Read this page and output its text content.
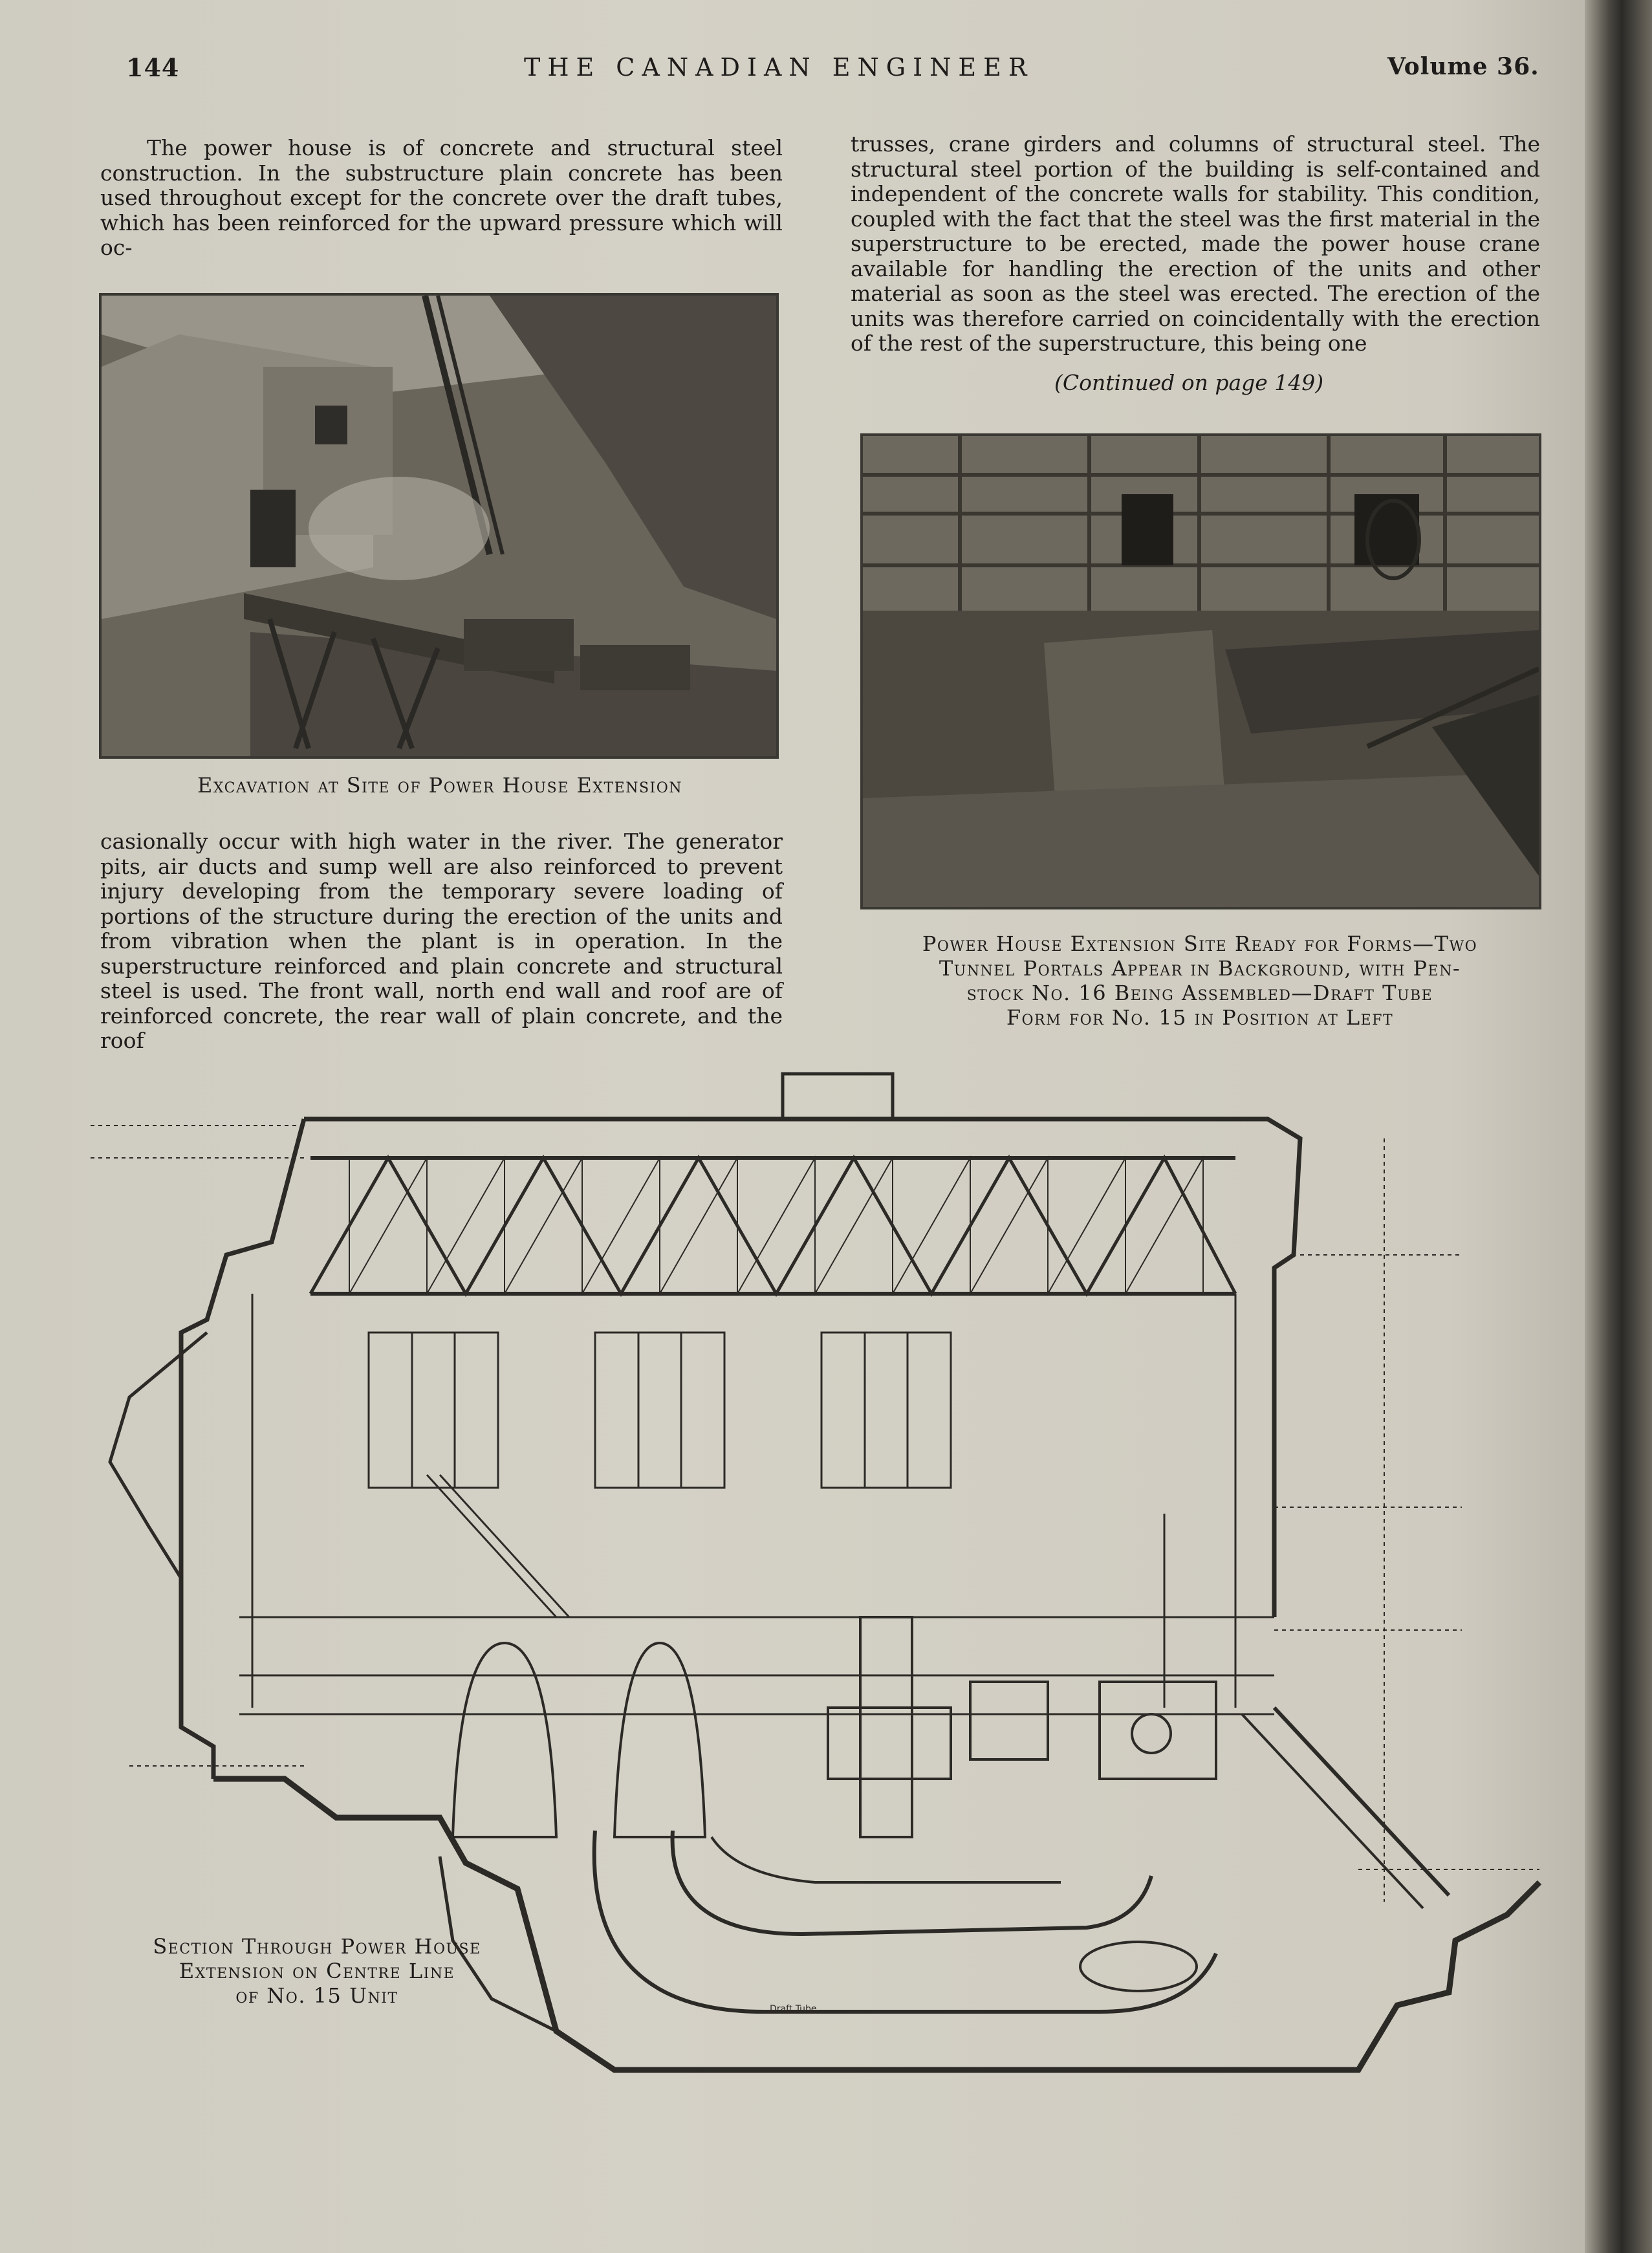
144	THE CANADIAN ENGINEER	Volume 36.

The power house is of concrete and structural steel construction. In the substructure plain concrete has been used throughout except for the concrete over the draft tubes, which has been reinforced for the upward pressure which will oc-

Excavation at Site of Power House Extension

casionally occur with high water in the river. The generator pits, air ducts and sump well are also reinforced to prevent injury developing from the temporary severe loading of portions of the structure during the erection of the units and from vibration when the plant is in operation. In the superstructure reinforced and plain concrete and structural steel is used. The front wall, north end wall and roof are of reinforced concrete, the rear wall of plain concrete, and the roof

trusses, crane girders and columns of structural steel. The structural steel portion of the building is self-contained and independent of the concrete walls for stability. This condition, coupled with the fact that the steel was the first material in the superstructure to be erected, made the power house crane available for handling the erection of the units and other material as soon as the steel was erected. The erection of the units was therefore carried on coincidentally with the erection of the rest of the superstructure, this being one

(Continued on page 149)
Power House Extension Site Ready for Forms—Two
Tunnel Portals Appear in Background, with Pen-
stock No. 16 Being Assembled—Draft Tube
Form for No. 15 in Position at Left
Draft Tube
Section Through Power House
Extension on Centre Line
of No. 15 Unit
